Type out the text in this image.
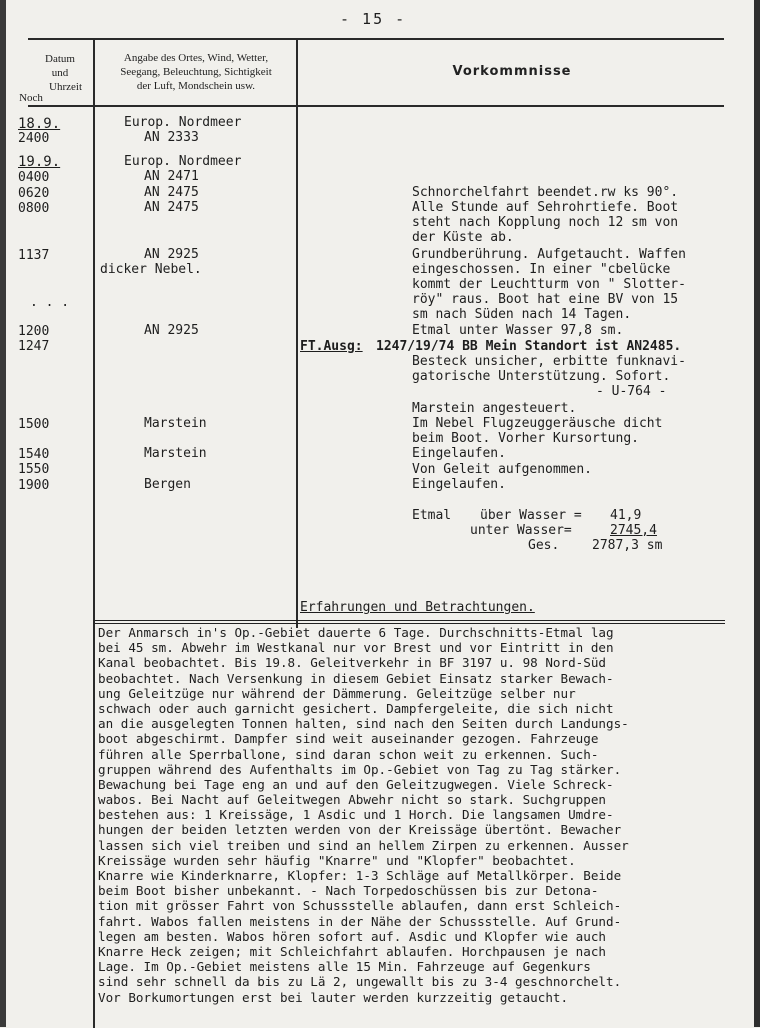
- 15 -
Datum
und
Uhrzeit
Noch
Angabe des Ortes, Wind, Wetter,
Seegang, Beleuchtung, Sichtigkeit
der Luft, Mondschein usw.
Vorkommnisse
18.9.
2400
19.9.
0400
0620
0800
1137
. . .
1200
1247
1500
1540
1550
1900
Europ. Nordmeer
AN 2333
Europ. Nordmeer
AN 2471
AN 2475
AN 2475
AN 2925
dicker Nebel.
AN 2925
Marstein
Marstein
Bergen
Schnorchelfahrt beendet.rw ks 90°.
Alle Stunde auf Sehrohrtiefe. Boot
steht nach Kopplung noch 12 sm von
der Küste ab.
Grundberührung. Aufgetaucht. Waffen
eingeschossen. In einer "cbelücke
kommt der Leuchtturm von " Slotter-
röy" raus. Boot hat eine BV von 15
sm nach Süden nach 14 Tagen.
Etmal unter Wasser 97,8 sm.
FT.Ausg: 1247/19/74 BB Mein Standort ist AN2485.
Besteck unsicher, erbitte funknavi-
gatorische Unterstützung. Sofort.
- U-764 -
Marstein angesteuert.
Im Nebel Flugzeuggeräusche dicht
beim Boot. Vorher Kursortung.
Eingelaufen.
Von Geleit aufgenommen.
Eingelaufen.
Etmal über Wasser = 41,9
unter Wasser=	2745,4
Ges.	2787,3 sm
Erfahrungen und Betrachtungen.
Der Anmarsch in's Op.-Gebiet dauerte 6 Tage. Durchschnitts-Etmal lag
bei 45 sm. Abwehr im Westkanal nur vor Brest und vor Eintritt in den
Kanal beobachtet. Bis 19.8. Geleitverkehr in BF 3197 u. 98 Nord-Süd
beobachtet. Nach Versenkung in diesem Gebiet Einsatz starker Bewach-
ung Geleitzüge nur während der Dämmerung. Geleitzüge selber nur
schwach oder auch garnicht gesichert. Dampfergeleite, die sich nicht
an die ausgelegten Tonnen halten, sind nach den Seiten durch Landungs-
boot abgeschirmt. Dampfer sind weit auseinander gezogen. Fahrzeuge
führen alle Sperrballone, sind daran schon weit zu erkennen. Such-
gruppen während des Aufenthalts im Op.-Gebiet von Tag zu Tag stärker.
Bewachung bei Tage eng an und auf den Geleitzugwegen. Viele Schreck-
wabos. Bei Nacht auf Geleitwegen Abwehr nicht so stark. Suchgruppen
bestehen aus: 1 Kreissäge, 1 Asdic und 1 Horch. Die langsamen Umdre-
hungen der beiden letzten werden von der Kreissäge übertönt. Bewacher
lassen sich viel treiben und sind an hellem Zirpen zu erkennen. Ausser
Kreissäge wurden sehr häufig "Knarre" und "Klopfer" beobachtet.
Knarre wie Kinderknarre, Klopfer: 1-3 Schläge auf Metallkörper. Beide
beim Boot bisher unbekannt. - Nach Torpedoschüssen bis zur Detona-
tion mit grösser Fahrt von Schussstelle ablaufen, dann erst Schleich-
fahrt. Wabos fallen meistens in der Nähe der Schussstelle. Auf Grund-
legen am besten. Wabos hören sofort auf. Asdic und Klopfer wie auch
Knarre Heck zeigen; mit Schleichfahrt ablaufen. Horchpausen je nach
Lage. Im Op.-Gebiet meistens alle 15 Min. Fahrzeuge auf Gegenkurs
sind sehr schnell da bis zu Lä 2, ungewallt bis zu 3-4 geschnorchelt.
Vor Borkumortungen erst bei lauter werden kurzzeitig getaucht.
